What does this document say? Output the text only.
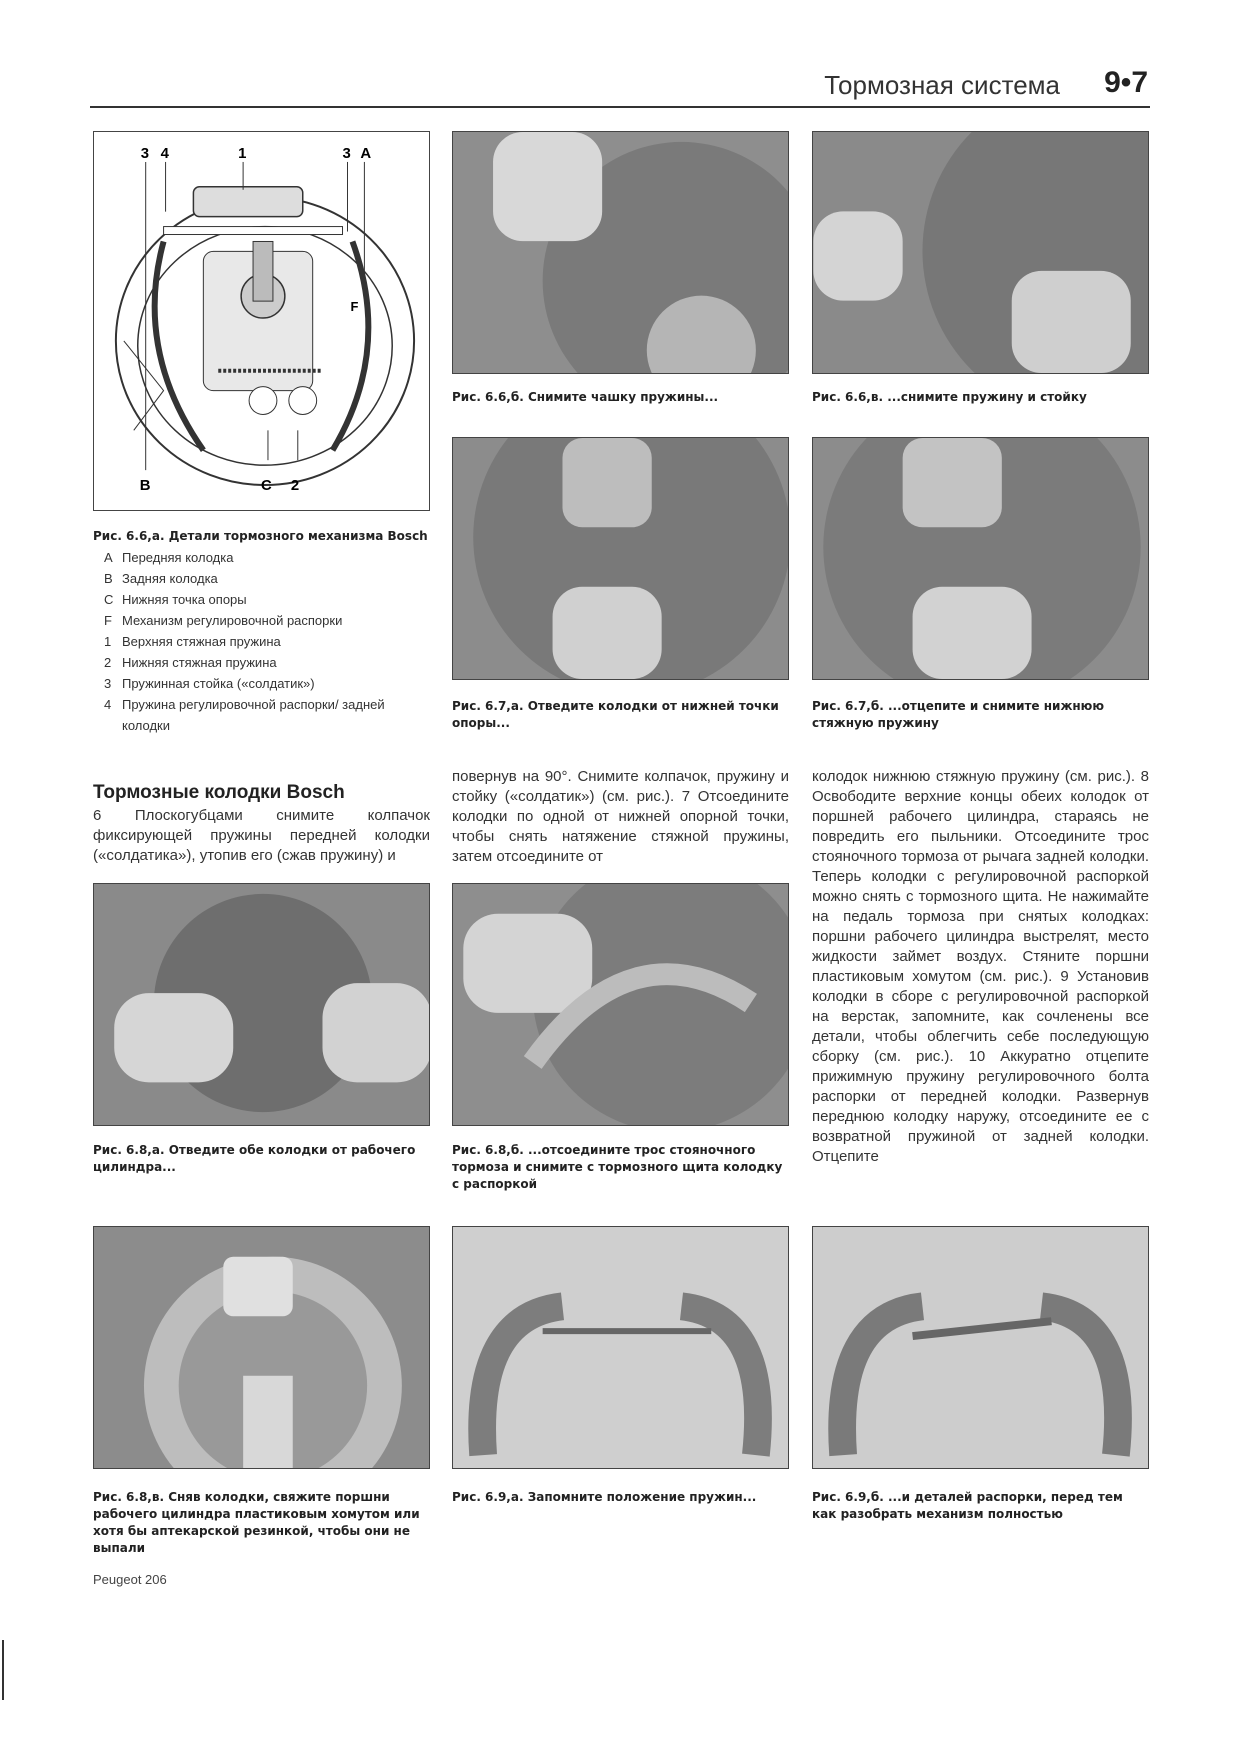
Тормозная система 9•7
3 4	1	3 A
F
B	C 2
Рис. 6.6,а. Детали тормозного механизма Bosch
A Передняя колодка
B Задняя колодка
C Нижняя точка опоры
F Механизм регулировочной распорки
1 Верхняя стяжная пружина
2 Нижняя стяжная пружина
3 Пружинная стойка («солдатик»)
4 Пружина регулировочной распорки/ задней колодки
Рис. 6.6,б. Снимите чашку пружины...	Рис. 6.6,в. ...снимите пружину и стойку
Рис. 6.7,а. Отведите колодки от нижней точки опоры...
Рис. 6.7,б. ...отцепите и снимите нижнюю стяжную пружину
Тормозные колодки Bosch
6 Плоскогубцами снимите колпачок фиксирующей пружины передней колодки («солдатика»), утопив его (сжав пружину) и
повернув на 90°. Снимите колпачок, пружину и стойку («солдатик») (см. рис.). 7 Отсоедините колодки по одной от нижней опорной точки, чтобы снять натяжение стяжной пружины, затем отсоедините от
колодок нижнюю стяжную пружину (см. рис.). 8 Освободите верхние концы обеих колодок от поршней рабочего цилиндра, стараясь не повредить его пыльники. Отсоедините трос стояночного тормоза от рычага задней колодки. Теперь колодки с регулировочной распоркой можно снять с тормозного щита. Не нажимайте на педаль тормоза при снятых колодках: поршни рабочего цилиндра выстрелят, место жидкости займет воздух. Стяните поршни пластиковым хомутом (см. рис.). 9 Установив колодки в сборе с регулировочной распоркой на верстак, запомните, как сочленены все детали, чтобы облегчить себе последующую сборку (см. рис.). 10 Аккуратно отцепите прижимную пружину регулировочного болта распорки от передней колодки. Развернув переднюю колодку наружу, отсоедините ее с возвратной пружиной от задней колодки. Отцепите
Рис. 6.8,а. Отведите обе колодки от рабочего цилиндра...
Рис. 6.8,б. ...отсоедините трос стояночного тормоза и снимите с тормозного щита колодку с распоркой
Рис. 6.8,в. Сняв колодки, свяжите поршни рабочего цилиндра пластиковым хомутом или хотя бы аптекарской резинкой, чтобы они не выпали
Рис. 6.9,а. Запомните положение пружин...	Рис. 6.9,б. ...и деталей распорки, перед тем как разобрать механизм полностью
Peugeot 206
